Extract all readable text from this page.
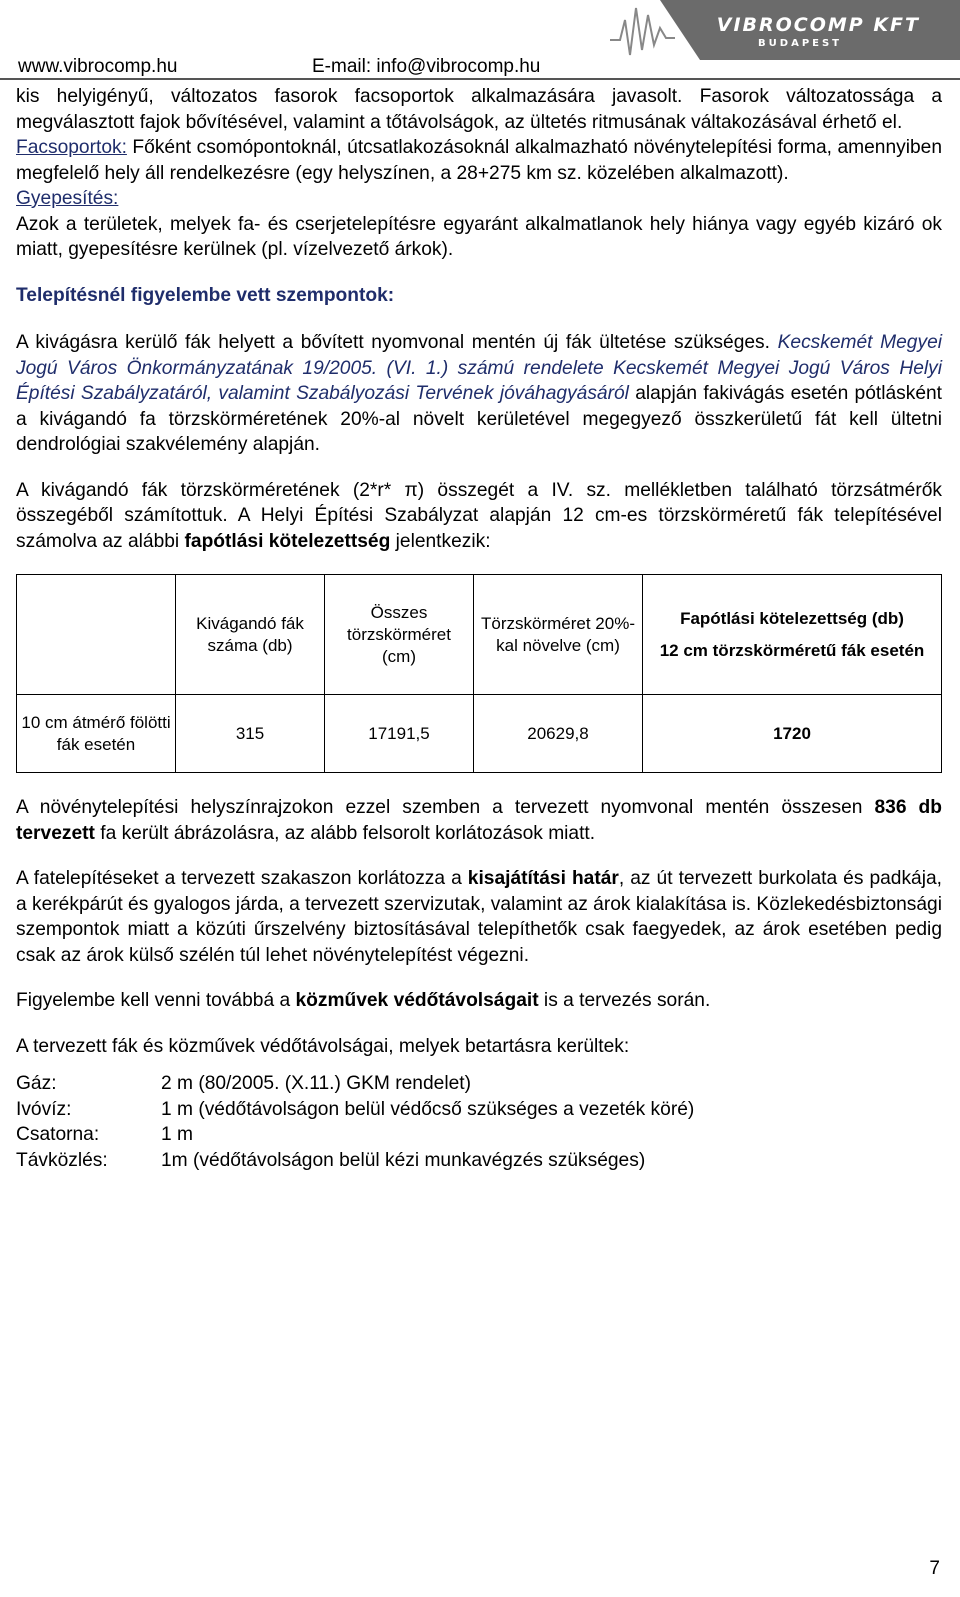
www.vibrocomp.hu	E-mail: info@vibrocomp.hu
VIBROCOMP KFT
BUDAPEST

kis helyigényű, változatos fasorok facsoportok alkalmazására javasolt. Fasorok változatossága a megválasztott fajok bővítésével, valamint a tőtávolságok, az ültetés ritmusának váltakozásával érhető el.

Facsoportok: Főként csomópontoknál, útcsatlakozásoknál alkalmazható növénytelepítési forma, amennyiben megfelelő hely áll rendelkezésre (egy helyszínen, a 28+275 km sz. közelében alkalmazott).

Gyepesítés:

Azok a területek, melyek fa- és cserjetelepítésre egyaránt alkalmatlanok hely hiánya vagy egyéb kizáró ok miatt, gyepesítésre kerülnek (pl. vízelvezető árkok).

Telepítésnél figyelembe vett szempontok:

A kivágásra kerülő fák helyett a bővített nyomvonal mentén új fák ültetése szükséges. Kecskemét Megyei Jogú Város Önkormányzatának 19/2005. (VI. 1.) számú rendelete Kecskemét Megyei Jogú Város Helyi Építési Szabályzatáról, valamint Szabályozási Tervének jóváhagyásáról alapján fakivágás esetén pótlásként a kivágandó fa törzskörméretének 20%-al növelt kerületével megegyező összkerületű fát kell ültetni dendrológiai szakvélemény alapján.

A kivágandó fák törzskörméretének (2*r* π) összegét a IV. sz. mellékletben található törzsátmérők összegéből számítottuk. A Helyi Építési Szabályzat alapján 12 cm-es törzskörméretű fák telepítésével számolva az alábbi fapótlási kötelezettség jelentkezik:

	Kivágandó fák száma (db)	Összes törzskörméret (cm)	Törzskörméret 20%-kal növelve (cm)	Fapótlási kötelezettség (db)
12 cm törzskörméretű fák esetén

10 cm átmérő fölötti fák esetén	315	17191,5	20629,8	1720

A növénytelepítési helyszínrajzokon ezzel szemben a tervezett nyomvonal mentén összesen 836 db tervezett fa került ábrázolásra, az alább felsorolt korlátozások miatt.

A fatelepítéseket a tervezett szakaszon korlátozza a kisajátítási határ, az út tervezett burkolata és padkája, a kerékpárút és gyalogos járda, a tervezett szervizutak, valamint az árok kialakítása is. Közlekedésbiztonsági szempontok miatt a közúti űrszelvény biztosításával telepíthetők csak faegyedek, az árok esetében pedig csak az árok külső szélén túl lehet növénytelepítést végezni.

Figyelembe kell venni továbbá a közművek védőtávolságait is a tervezés során.

A tervezett fák és közművek védőtávolságai, melyek betartásra kerültek:

Gáz:	2 m (80/2005. (X.11.) GKM rendelet)
Ivóvíz:	1 m (védőtávolságon belül védőcső szükséges a vezeték köré)
Csatorna:	1 m
Távközlés:	1m (védőtávolságon belül kézi munkavégzés szükséges)
7
